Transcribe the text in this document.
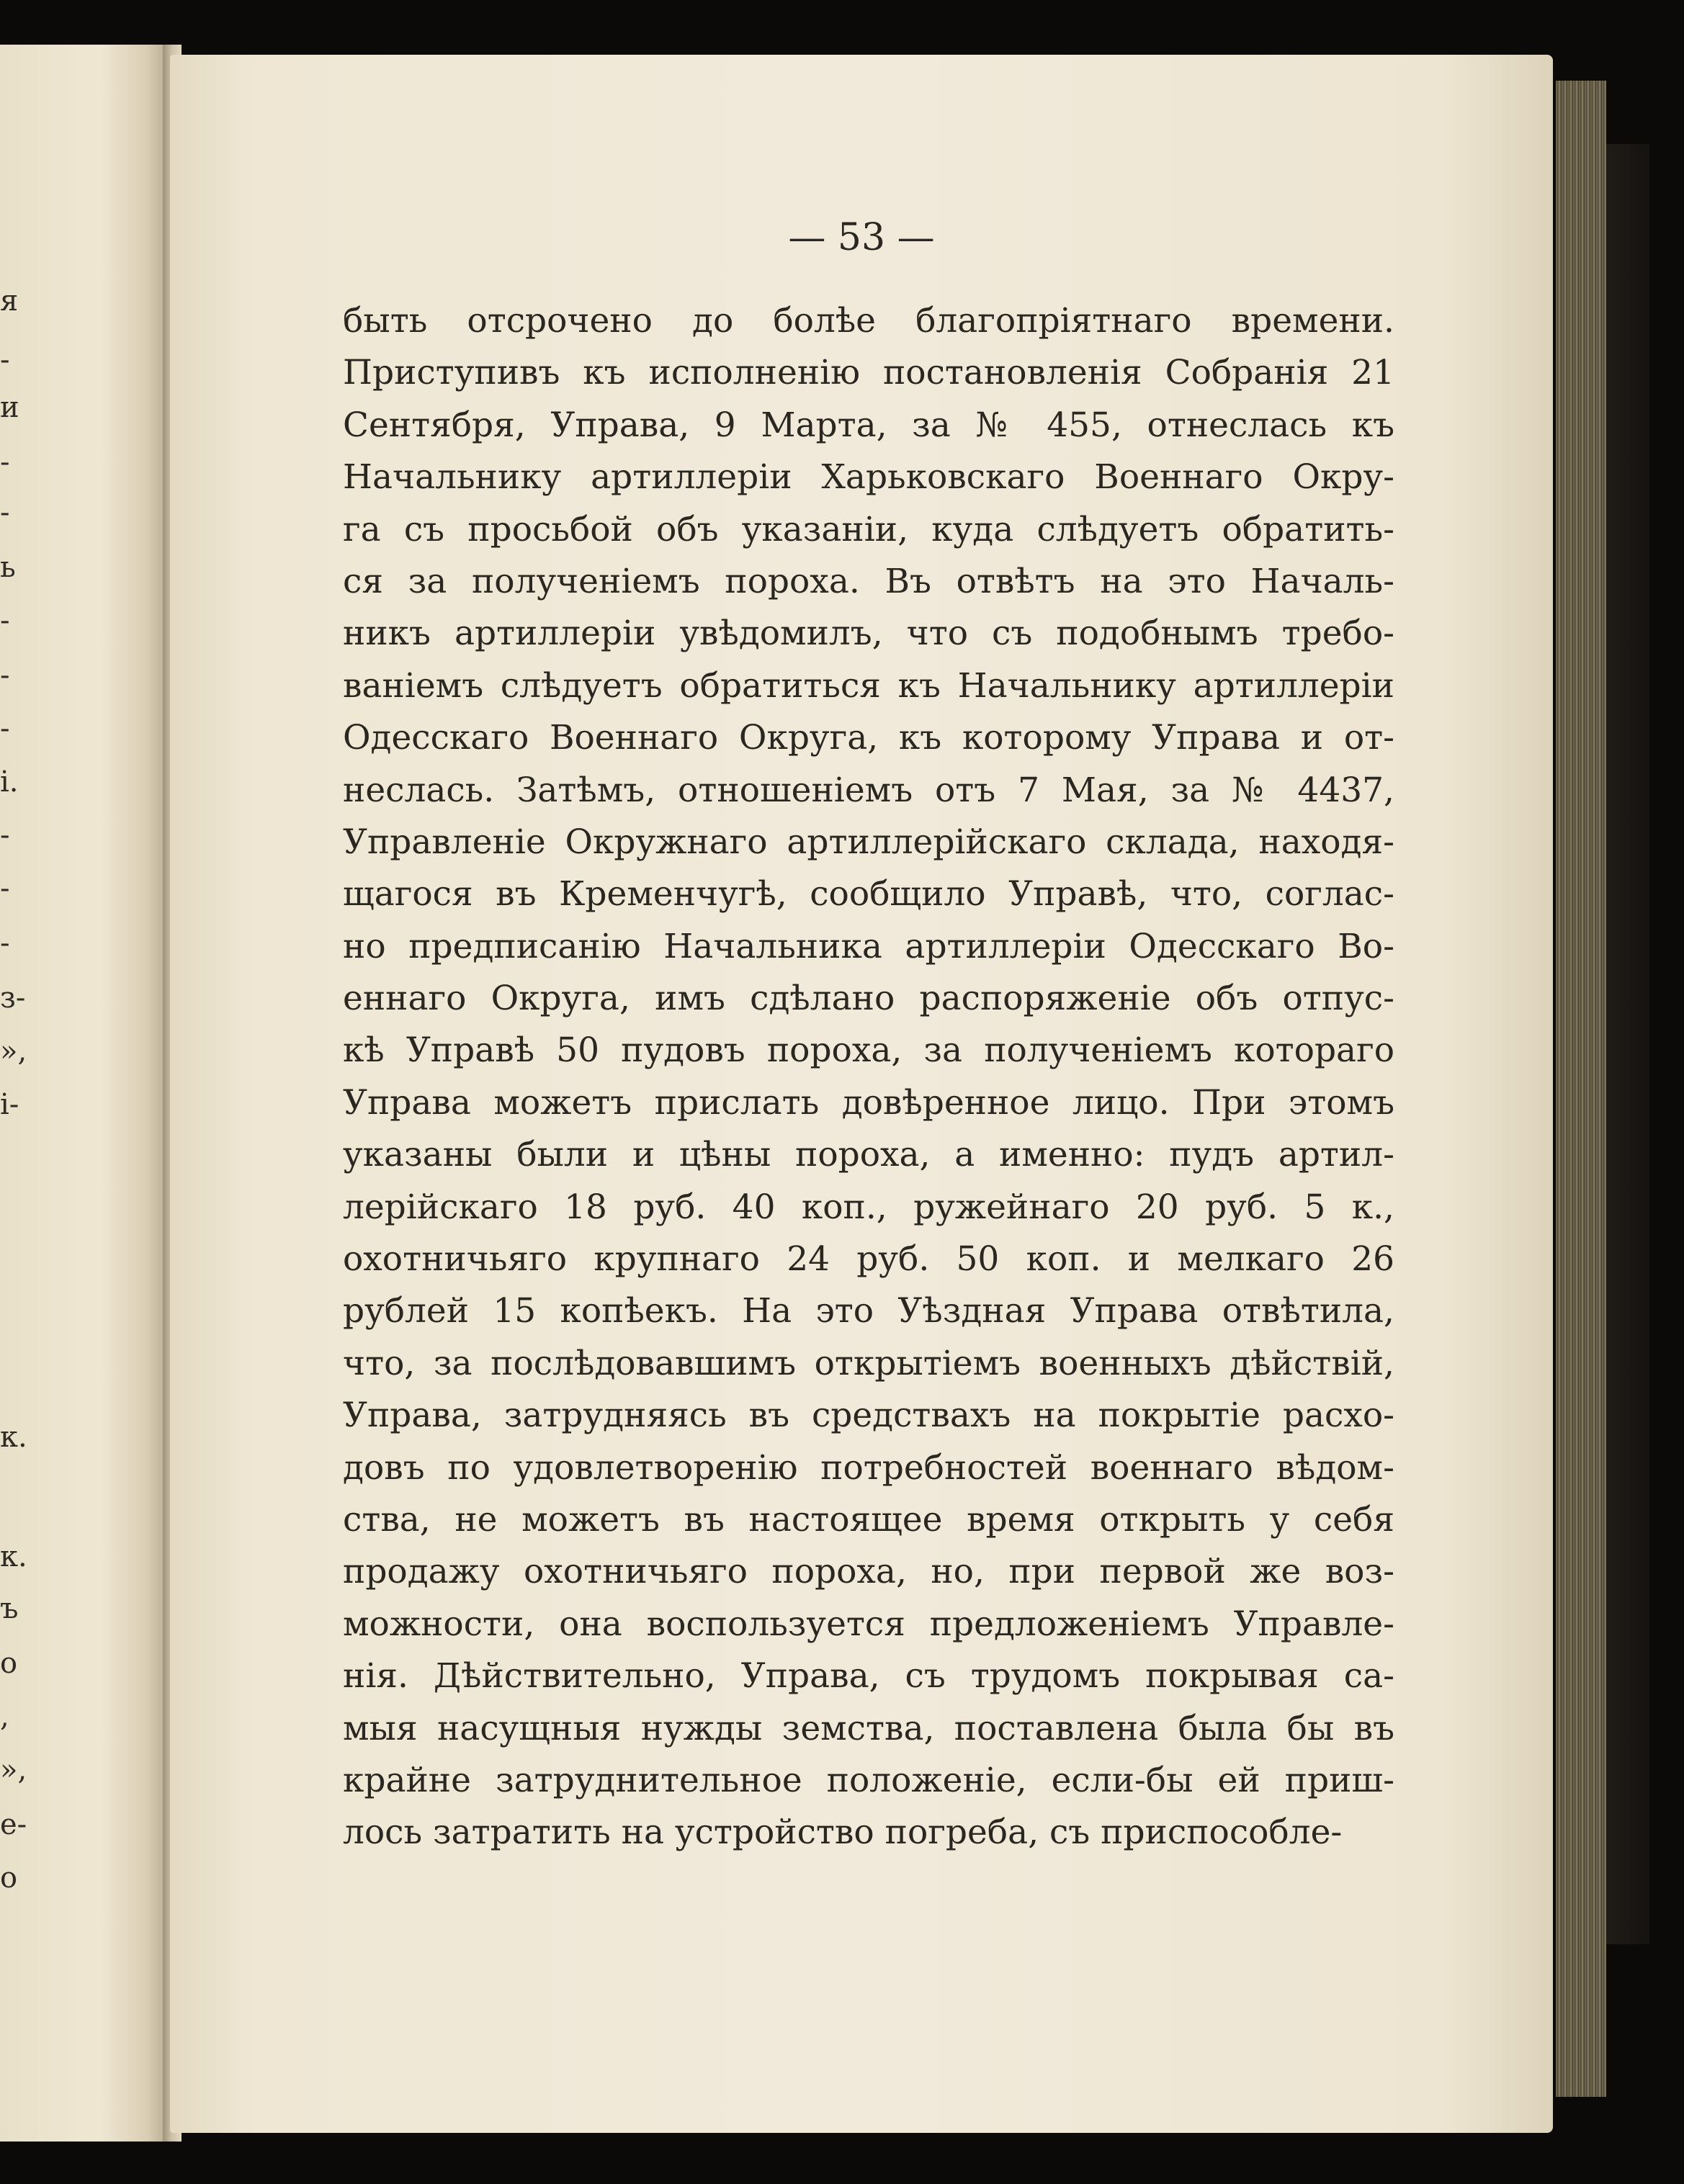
я
-
и
-
-
ь
-
-
-
і.
-
-
-
з-
»,
і-
к.
к.
ъ
о
,
»,
е-
о
— 53 —
быть отсрочено до болѣе благопріятнаго времени.
Приступивъ къ исполненію постановленія Собранія 21
Сентября, Управа, 9 Марта, за № 455, отнеслась къ
Начальнику артиллеріи Харьковскаго Военнаго Окру-
га съ просьбой объ указаніи, куда слѣдуетъ обратить-
ся за полученіемъ пороха. Въ отвѣтъ на это Началь-
никъ артиллеріи увѣдомилъ, что съ подобнымъ требо-
ваніемъ слѣдуетъ обратиться къ Начальнику артиллеріи
Одесскаго Военнаго Округа, къ которому Управа и от-
неслась. Затѣмъ, отношеніемъ отъ 7 Мая, за № 4437,
Управленіе Окружнаго артиллерійскаго склада, находя-
щагося въ Кременчугѣ, сообщило Управѣ, что, соглас-
но предписанію Начальника артиллеріи Одесскаго Во-
еннаго Округа, имъ сдѣлано распоряженіе объ отпус-
кѣ Управѣ 50 пудовъ пороха, за полученіемъ котораго
Управа можетъ прислать довѣренное лицо. При этомъ
указаны были и цѣны пороха, а именно: пудъ артил-
лерійскаго 18 руб. 40 коп., ружейнаго 20 руб. 5 к.,
охотничьяго крупнаго 24 руб. 50 коп. и мелкаго 26
рублей 15 копѣекъ. На это Уѣздная Управа отвѣтила,
что, за послѣдовавшимъ открытіемъ военныхъ дѣйствій,
Управа, затрудняясь въ средствахъ на покрытіе расхо-
довъ по удовлетворенію потребностей военнаго вѣдом-
ства, не можетъ въ настоящее время открыть у себя
продажу охотничьяго пороха, но, при первой же воз-
можности, она воспользуется предложеніемъ Управле-
нія. Дѣйствительно, Управа, съ трудомъ покрывая са-
мыя насущныя нужды земства, поставлена была бы въ
крайне затруднительное положеніе, если-бы ей приш-
лось затратить на устройство погреба, съ приспособле-
